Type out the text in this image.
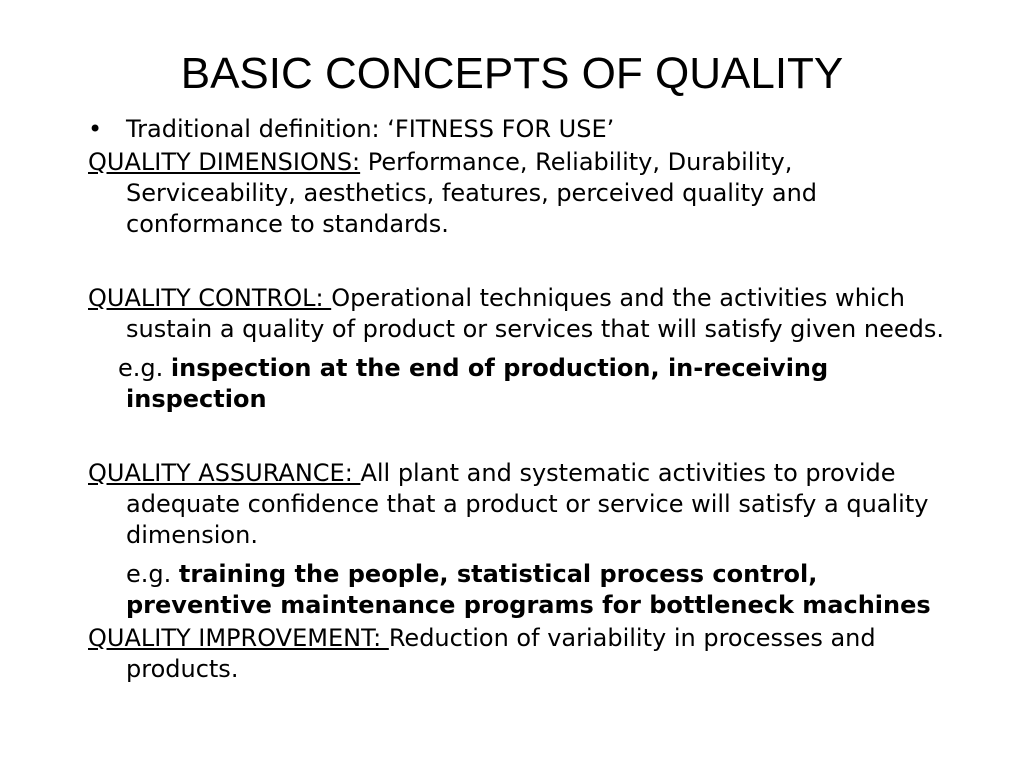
BASIC CONCEPTS OF QUALITY

• Traditional definition: ‘FITNESS FOR USE’

QUALITY DIMENSIONS: Performance, Reliability, Durability, Serviceability, aesthetics, features, perceived quality and conformance to standards.

QUALITY CONTROL: Operational techniques and the activities which sustain a quality of product or services that will satisfy given needs.

e.g. inspection at the end of production, in-receiving inspection

QUALITY ASSURANCE: All plant and systematic activities to provide adequate confidence that a product or service will satisfy a quality dimension.

e.g. training the people, statistical process control, preventive maintenance programs for bottleneck machines

QUALITY IMPROVEMENT: Reduction of variability in processes and products.
